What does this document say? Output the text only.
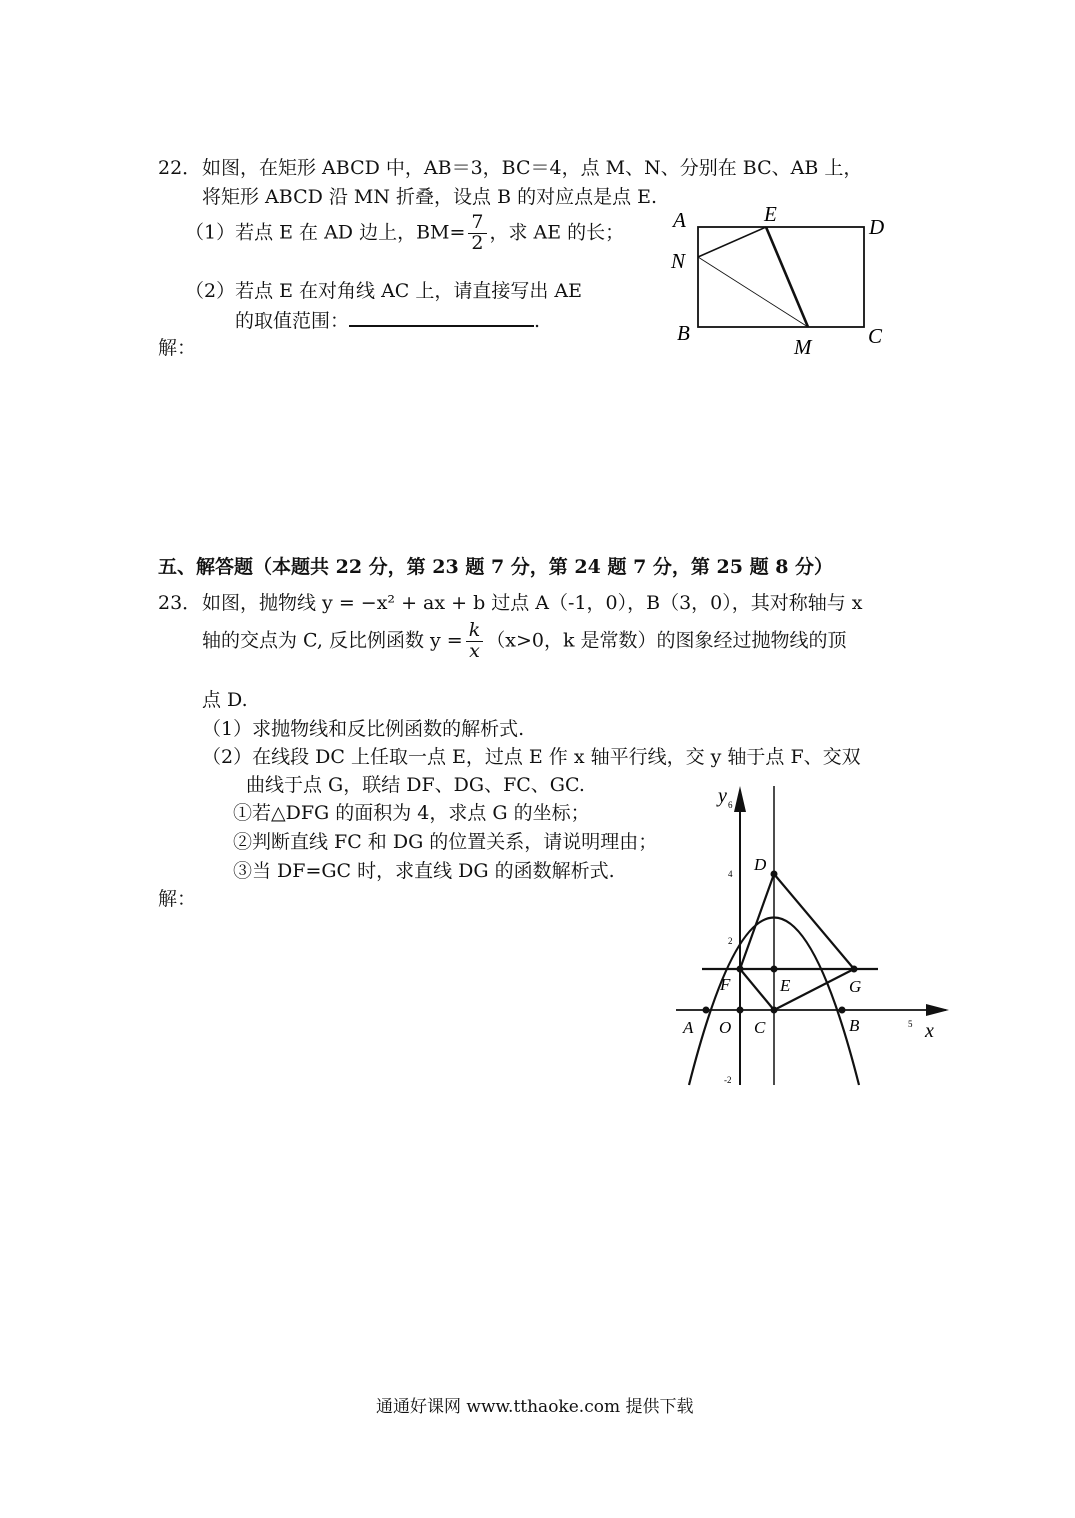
22． 如图，在矩形 ABCD 中，AB＝3，BC＝4，点 M、N、分别在 BC、AB 上，
将矩形 ABCD 沿 MN 折叠，设点 B 的对应点是点 E.
（1）若点 E 在 AD 边上，$BM= \frac{7}{2}$ ，求 AE 的长；
（2）若点 E 在对角线 AC 上，请直接写出 AE
的取值范围：	.
解：
A	E
D
N
B	C
M
五、解答题（本题共 22 分，第 23 题 7 分，第 24 题 7 分，第 25 题 8 分）
23． 如图，抛物线 y = −x² + ax + b 过点 A（-1，0），B（3，0），其对称轴与 x
轴的交点为 C, 反比例函数 $y = \frac{k}{x} (x>0$，k 是常数）的图象经过抛物线的顶
点 D.
（1）求抛物线和反比例函数的解析式.
（2）在线段 DC 上任取一点 E，过点 E 作 x 轴平行线，交 y 轴于点 F、交双
曲线于点 G，联结 DF、DG、FC、GC.
①若△DFG 的面积为 4，求点 G 的坐标；
②判断直线 FC 和 DG 的位置关系，请说明理由；
③当 DF=GC 时，求直线 DG 的函数解析式.
解：
6
4
2
-2
5
y
x
D
F	E	G
A O C	B
通通好课网 www.tthaoke.com 提供下载
